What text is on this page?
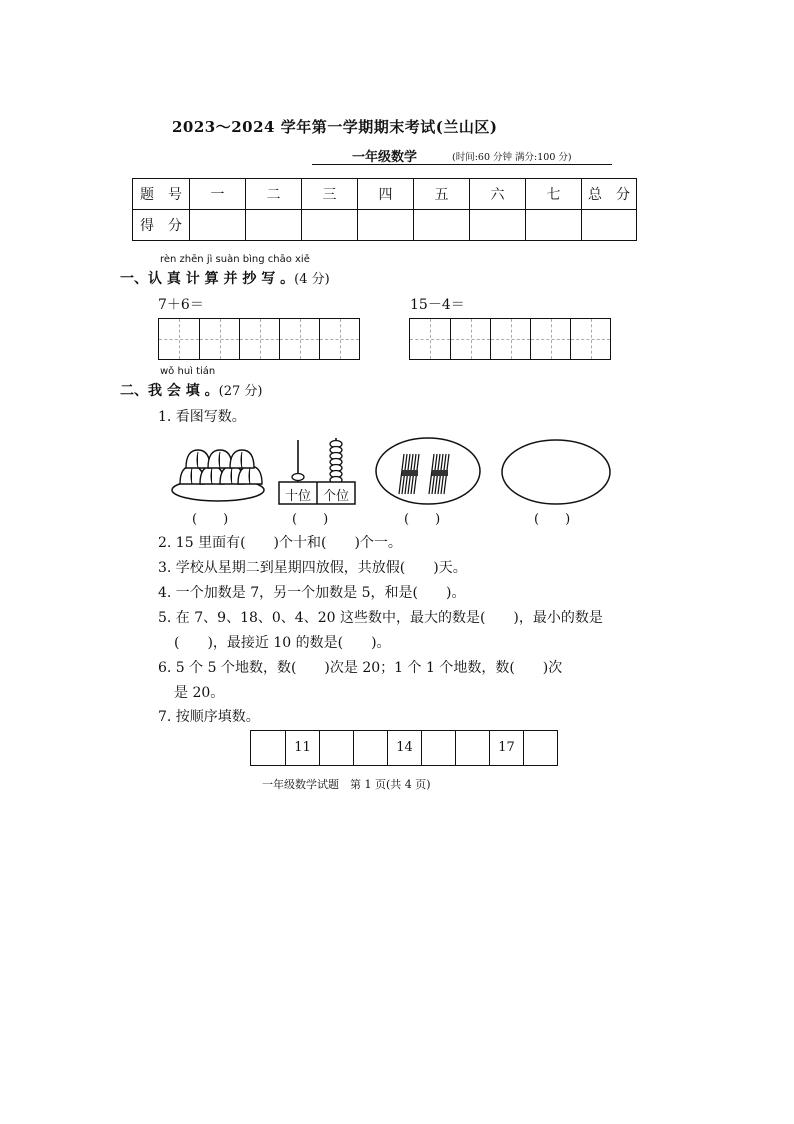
2023～2024 学年第一学期期末考试(兰山区)
一年级数学	(时间:60 分钟 满分:100 分)
题　号	一	二	三	四	五	六	七	总　分
得　分								
rèn zhēn jì suàn bìng chāo xiě
一、认 真 计 算 并 抄 写 。(4 分)
7＋6＝	15－4＝
wǒ huì tián
二、我 会 填 。(27 分)
1. 看图写数。
十位 个位
(　　)	(　　)	(　　)	(　　)
2. 15 里面有(　　)个十和(　　)个一。
3. 学校从星期二到星期四放假，共放假(　　)天。
4. 一个加数是 7，另一个加数是 5，和是(　　)。
5. 在 7、9、18、0、4、20 这些数中，最大的数是(　　)，最小的数是
(　　)，最接近 10 的数是(　　)。
6. 5 个 5 个地数，数(　　)次是 20；1 个 1 个地数，数(　　)次
是 20。
7. 按顺序填数。
11	14	17
一年级数学试题　第 1 页(共 4 页)
